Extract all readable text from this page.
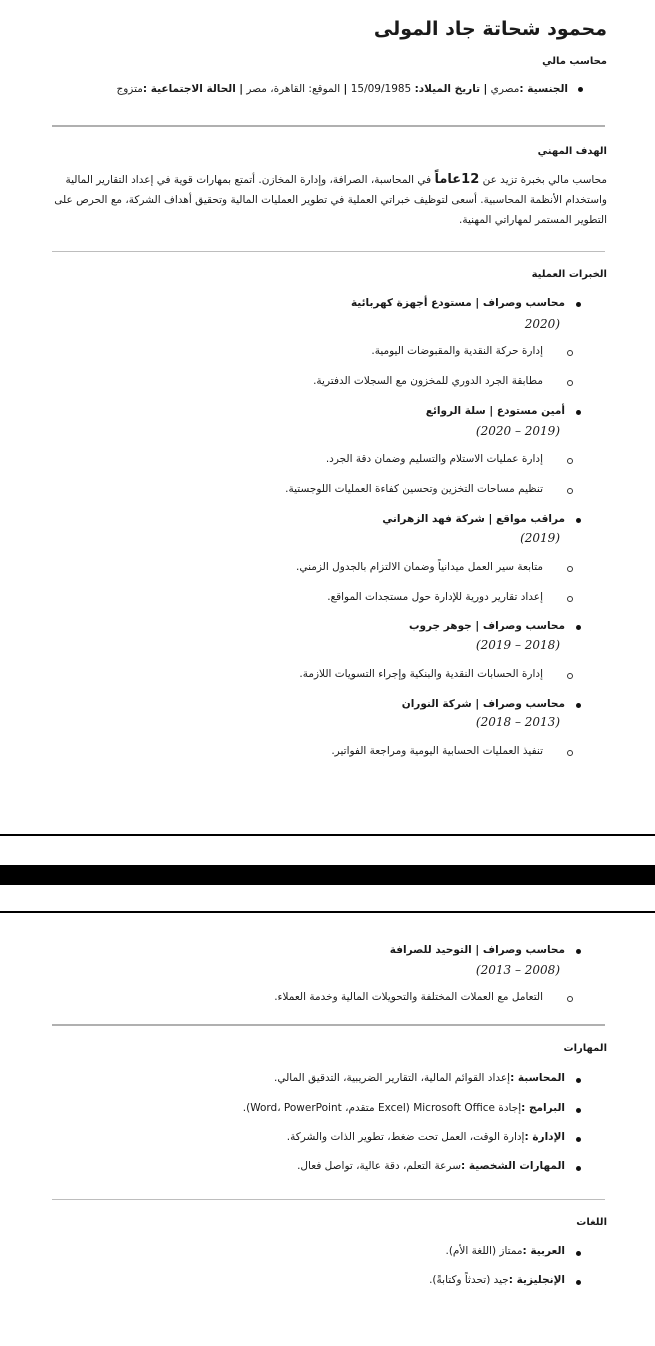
محمود شحاتة جاد المولى
محاسب مالي
الجنسية :مصري | تاريخ الميلاد: 15/09/1985 | الموقع: القاهرة، مصر | الحالة الاجتماعية :متزوج
الهدف المهني
محاسب مالي بخبرة تزيد عن 12عاماً في المحاسبة، الصرافة، وإدارة المخازن. أتمتع بمهارات قوية في إعداد التقارير المالية واستخدام الأنظمة المحاسبية. أسعى لتوظيف خبراتي العملية في تطوير العمليات المالية وتحقيق أهداف الشركة، مع الحرص على التطوير المستمر لمهاراتي المهنية.
الخبرات العملية
محاسب وصراف | مستودع أجهزة كهربائية
(2020
إدارة حركة النقدية والمقبوضات اليومية.
مطابقة الجرد الدوري للمخزون مع السجلات الدفترية.
أمين مستودع | سلة الروائع
(2019 – 2020)
إدارة عمليات الاستلام والتسليم وضمان دقة الجرد.
تنظيم مساحات التخزين وتحسين كفاءة العمليات اللوجستية.
مراقب مواقع | شركة فهد الزهراني
(2019)
متابعة سير العمل ميدانياً وضمان الالتزام بالجدول الزمني.
إعداد تقارير دورية للإدارة حول مستجدات المواقع.
محاسب وصراف | جوهر جروب
(2018 – 2019)
إدارة الحسابات النقدية والبنكية وإجراء التسويات اللازمة.
محاسب وصراف | شركة النوران
(2013 – 2018)
تنفيذ العمليات الحسابية اليومية ومراجعة الفواتير.
محاسب وصراف | التوحيد للصرافة
(2008 – 2013)
التعامل مع العملات المختلفة والتحويلات المالية وخدمة العملاء.
المهارات
المحاسبة :إعداد القوائم المالية، التقارير الضريبية، التدقيق المالي.
البرامج :إجادة Microsoft Office (Excel متقدم، Word، PowerPoint).
الإدارة :إدارة الوقت، العمل تحت ضغط، تطوير الذات والشركة.
المهارات الشخصية :سرعة التعلم، دقة عالية، تواصل فعال.
اللغات
العربية :ممتاز (اللغة الأم).
الإنجليزية :جيد (تحدثاً وكتابةً).
